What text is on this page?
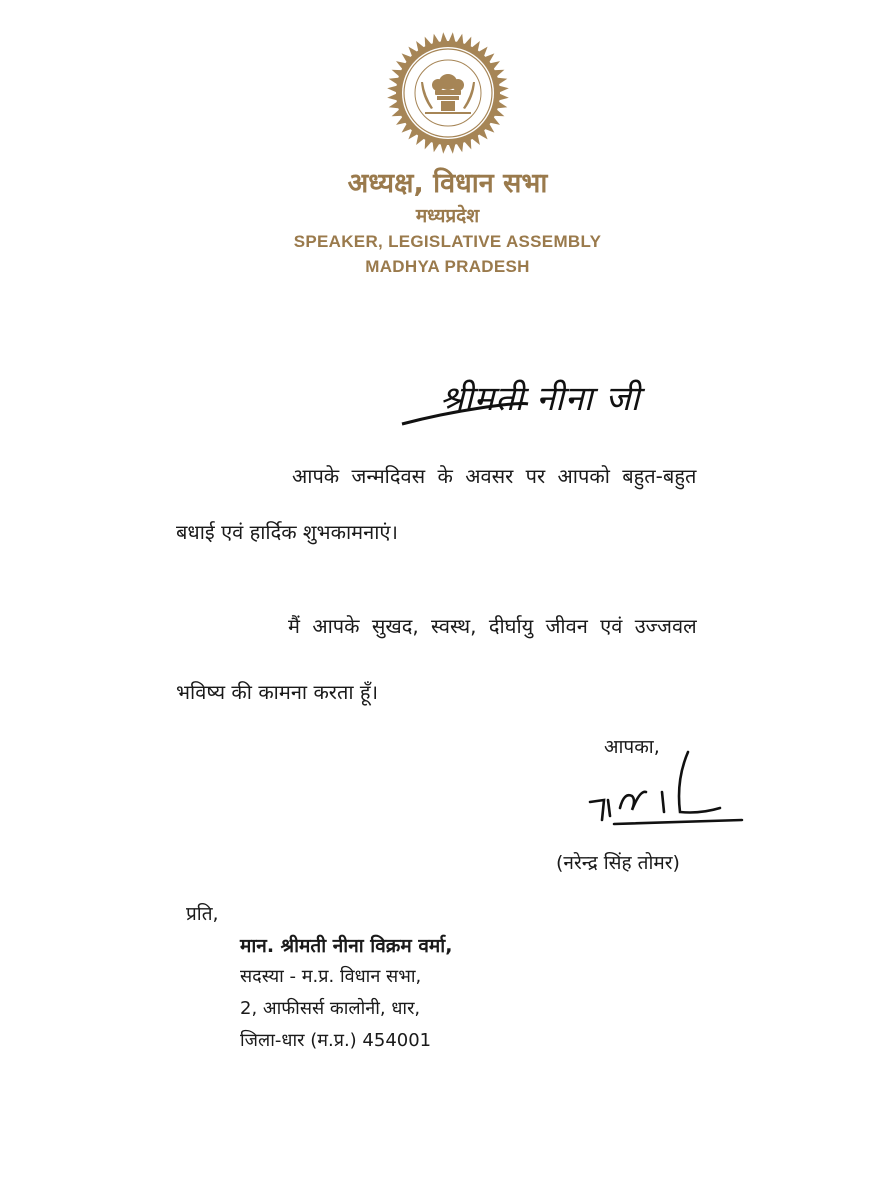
अध्यक्ष, विधान सभा
मध्यप्रदेश
SPEAKER, LEGISLATIVE ASSEMBLY
MADHYA PRADESH
श्रीमती नीना जी
आपके जन्मदिवस के अवसर पर आपको बहुत-बहुत
बधाई एवं हार्दिक शुभकामनाएं।
मैं आपके सुखद, स्वस्थ, दीर्घायु जीवन एवं उज्जवल
भविष्य की कामना करता हूँ।
आपका,
(नरेन्द्र सिंह तोमर)
प्रति,
मान. श्रीमती नीना विक्रम वर्मा,
सदस्या - म.प्र. विधान सभा,
2, आफीसर्स कालोनी, धार,
जिला-धार (म.प्र.) 454001
